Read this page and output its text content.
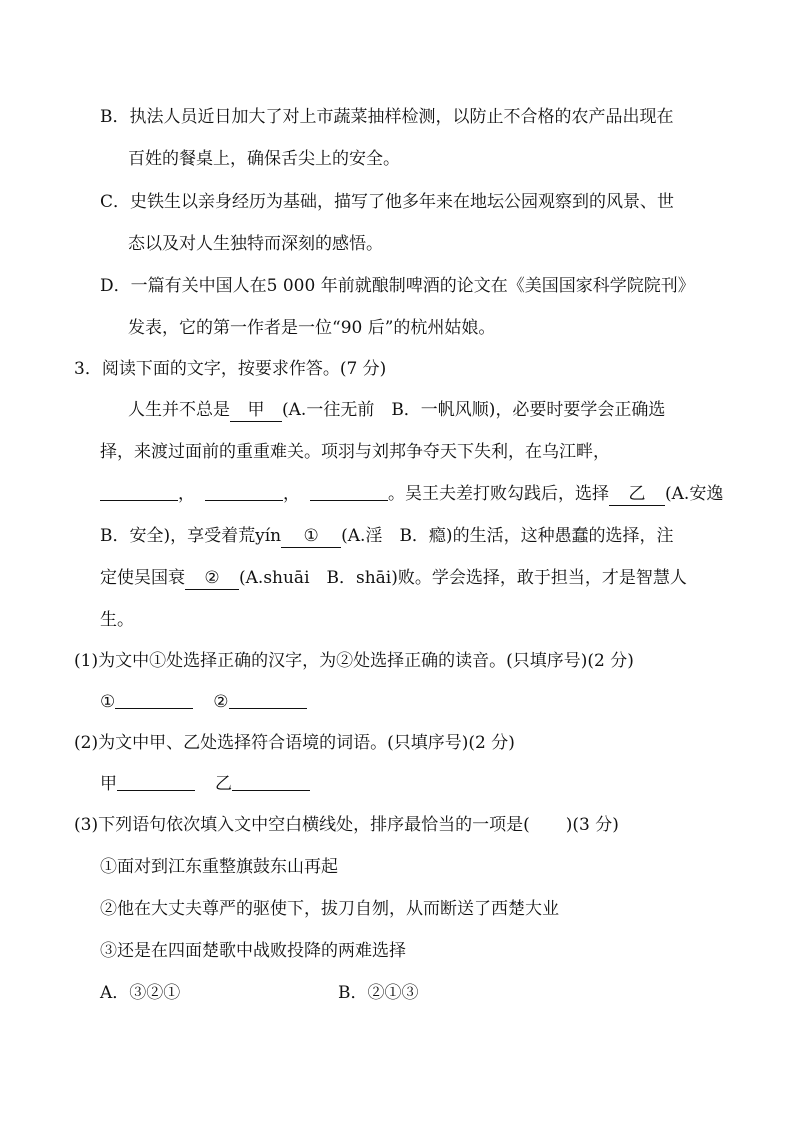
B．执法人员近日加大了对上市蔬菜抽样检测，以防止不合格的农产品出现在
百姓的餐桌上，确保舌尖上的安全。
C．史铁生以亲身经历为基础，描写了他多年来在地坛公园观察到的风景、世
态以及对人生独特而深刻的感悟。
D．一篇有关中国人在5 000 年前就酿制啤酒的论文在《美国国家科学院院刊》
发表，它的第一作者是一位“90 后”的杭州姑娘。
3．阅读下面的文字，按要求作答。(7 分)
人生并不总是 甲 (A.一往无前　B．一帆风顺)，必要时要学会正确选
择，来渡过面前的重重难关。项羽与刘邦争夺天下失利，在乌江畔，
，	，	。吴王夫差打败勾践后，选择 乙 (A.安逸
B．安全)，享受着荒yín ① (A.淫　B．瘾)的生活，这种愚蠢的选择，注
定使吴国衰 ② (A.shuāi　B．shāi)败。学会选择，敢于担当，才是智慧人
生。
(1)为文中①处选择正确的汉字，为②处选择正确的读音。(只填序号)(2 分)
①	②
(2)为文中甲、乙处选择符合语境的词语。(只填序号)(2 分)
甲	乙
(3)下列语句依次填入文中空白横线处，排序最恰当的一项是( )(3 分)
①面对到江东重整旗鼓东山再起
②他在大丈夫尊严的驱使下，拔刀自刎，从而断送了西楚大业
③还是在四面楚歌中战败投降的两难选择
A．③②①	B．②①③
